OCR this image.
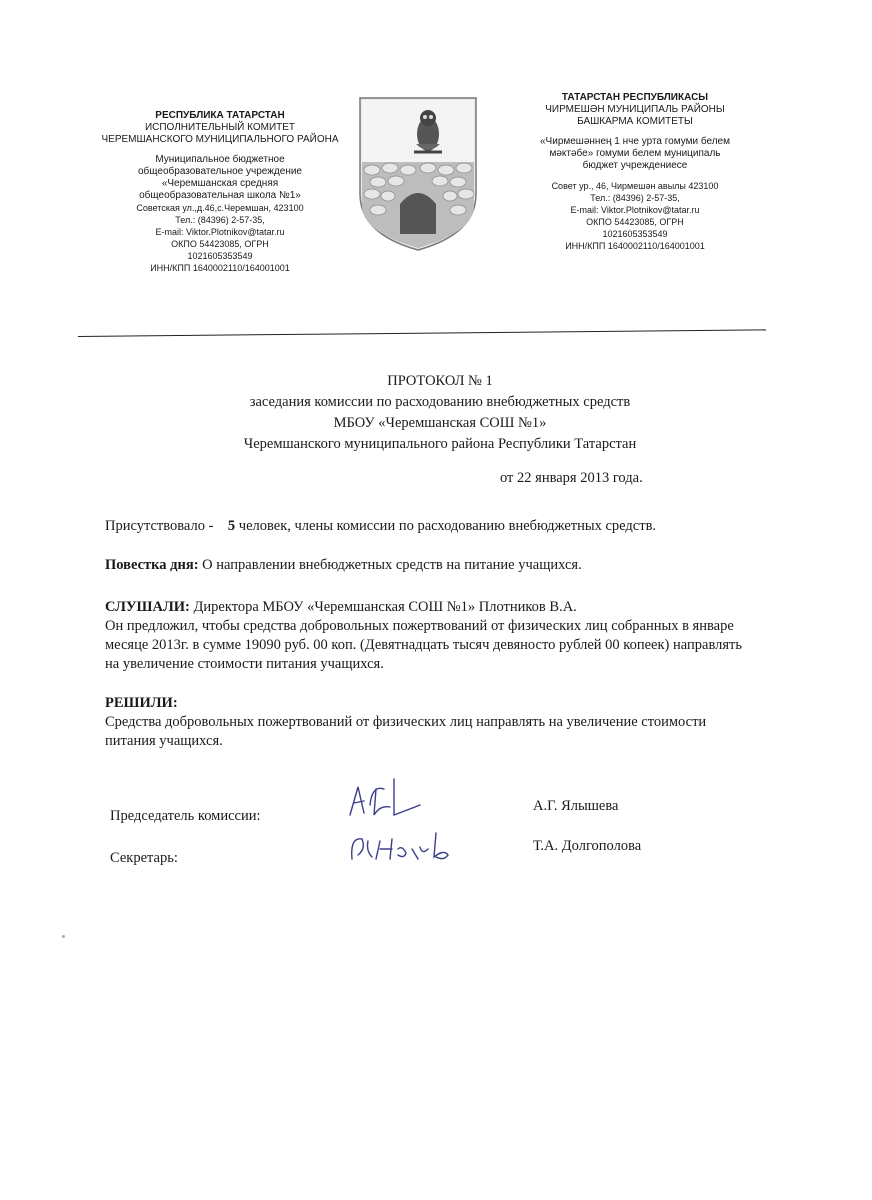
РЕСПУБЛИКА ТАТАРСТАН
ИСПОЛНИТЕЛЬНЫЙ КОМИТЕТ
ЧЕРЕМШАНСКОГО МУНИЦИПАЛЬНОГО РАЙОНА
Муниципальное бюджетное
общеобразовательное учреждение
«Черемшанская средняя
общеобразовательная школа №1»
Советская ул.,д.46,с.Черемшан, 423100
Тел.: (84396) 2-57-35,
E-mail: Viktor.Plotnikov@tatar.ru
ОКПО 54423085, ОГРН
1021605353549
ИНН/КПП 1640002110/164001001
ТАТАРСТАН РЕСПУБЛИКАСЫ
ЧИРМЕШӘН МУНИЦИПАЛЬ РАЙОНЫ
БАШКАРМА КОМИТЕТЫ
«Чирмешәннең 1 нче урта гомуми белем
мәктәбе» гомуми белем муниципаль
бюджет учреждениесе
Совет ур., 46, Чирмешән авылы 423100
Тел.: (84396) 2-57-35,
E-mail: Viktor.Plotnikov@tatar.ru
ОКПО 54423085, ОГРН
1021605353549
ИНН/КПП 1640002110/164001001
ПРОТОКОЛ № 1
заседания комиссии по расходованию внебюджетных средств
МБОУ «Черемшанская СОШ №1»
Черемшанского муниципального района Республики Татарстан
от 22 января 2013 года.
Присутствовало - 5 человек, члены комиссии по расходованию внебюджетных средств.
Повестка дня: О направлении внебюджетных средств на питание учащихся.
СЛУШАЛИ: Директора МБОУ «Черемшанская СОШ №1» Плотников В.А.
Он предложил, чтобы средства добровольных пожертвований от физических лиц собранных в январе месяце 2013г. в сумме 19090 руб. 00 коп. (Девятнадцать тысяч девяносто рублей 00 копеек) направлять на увеличение стоимости питания учащихся.
РЕШИЛИ:
Средства добровольных пожертвований от физических лиц направлять на увеличение стоимости питания учащихся.
Председатель комиссии:
А.Г. Ялышева
Секретарь:
Т.А. Долгополова
